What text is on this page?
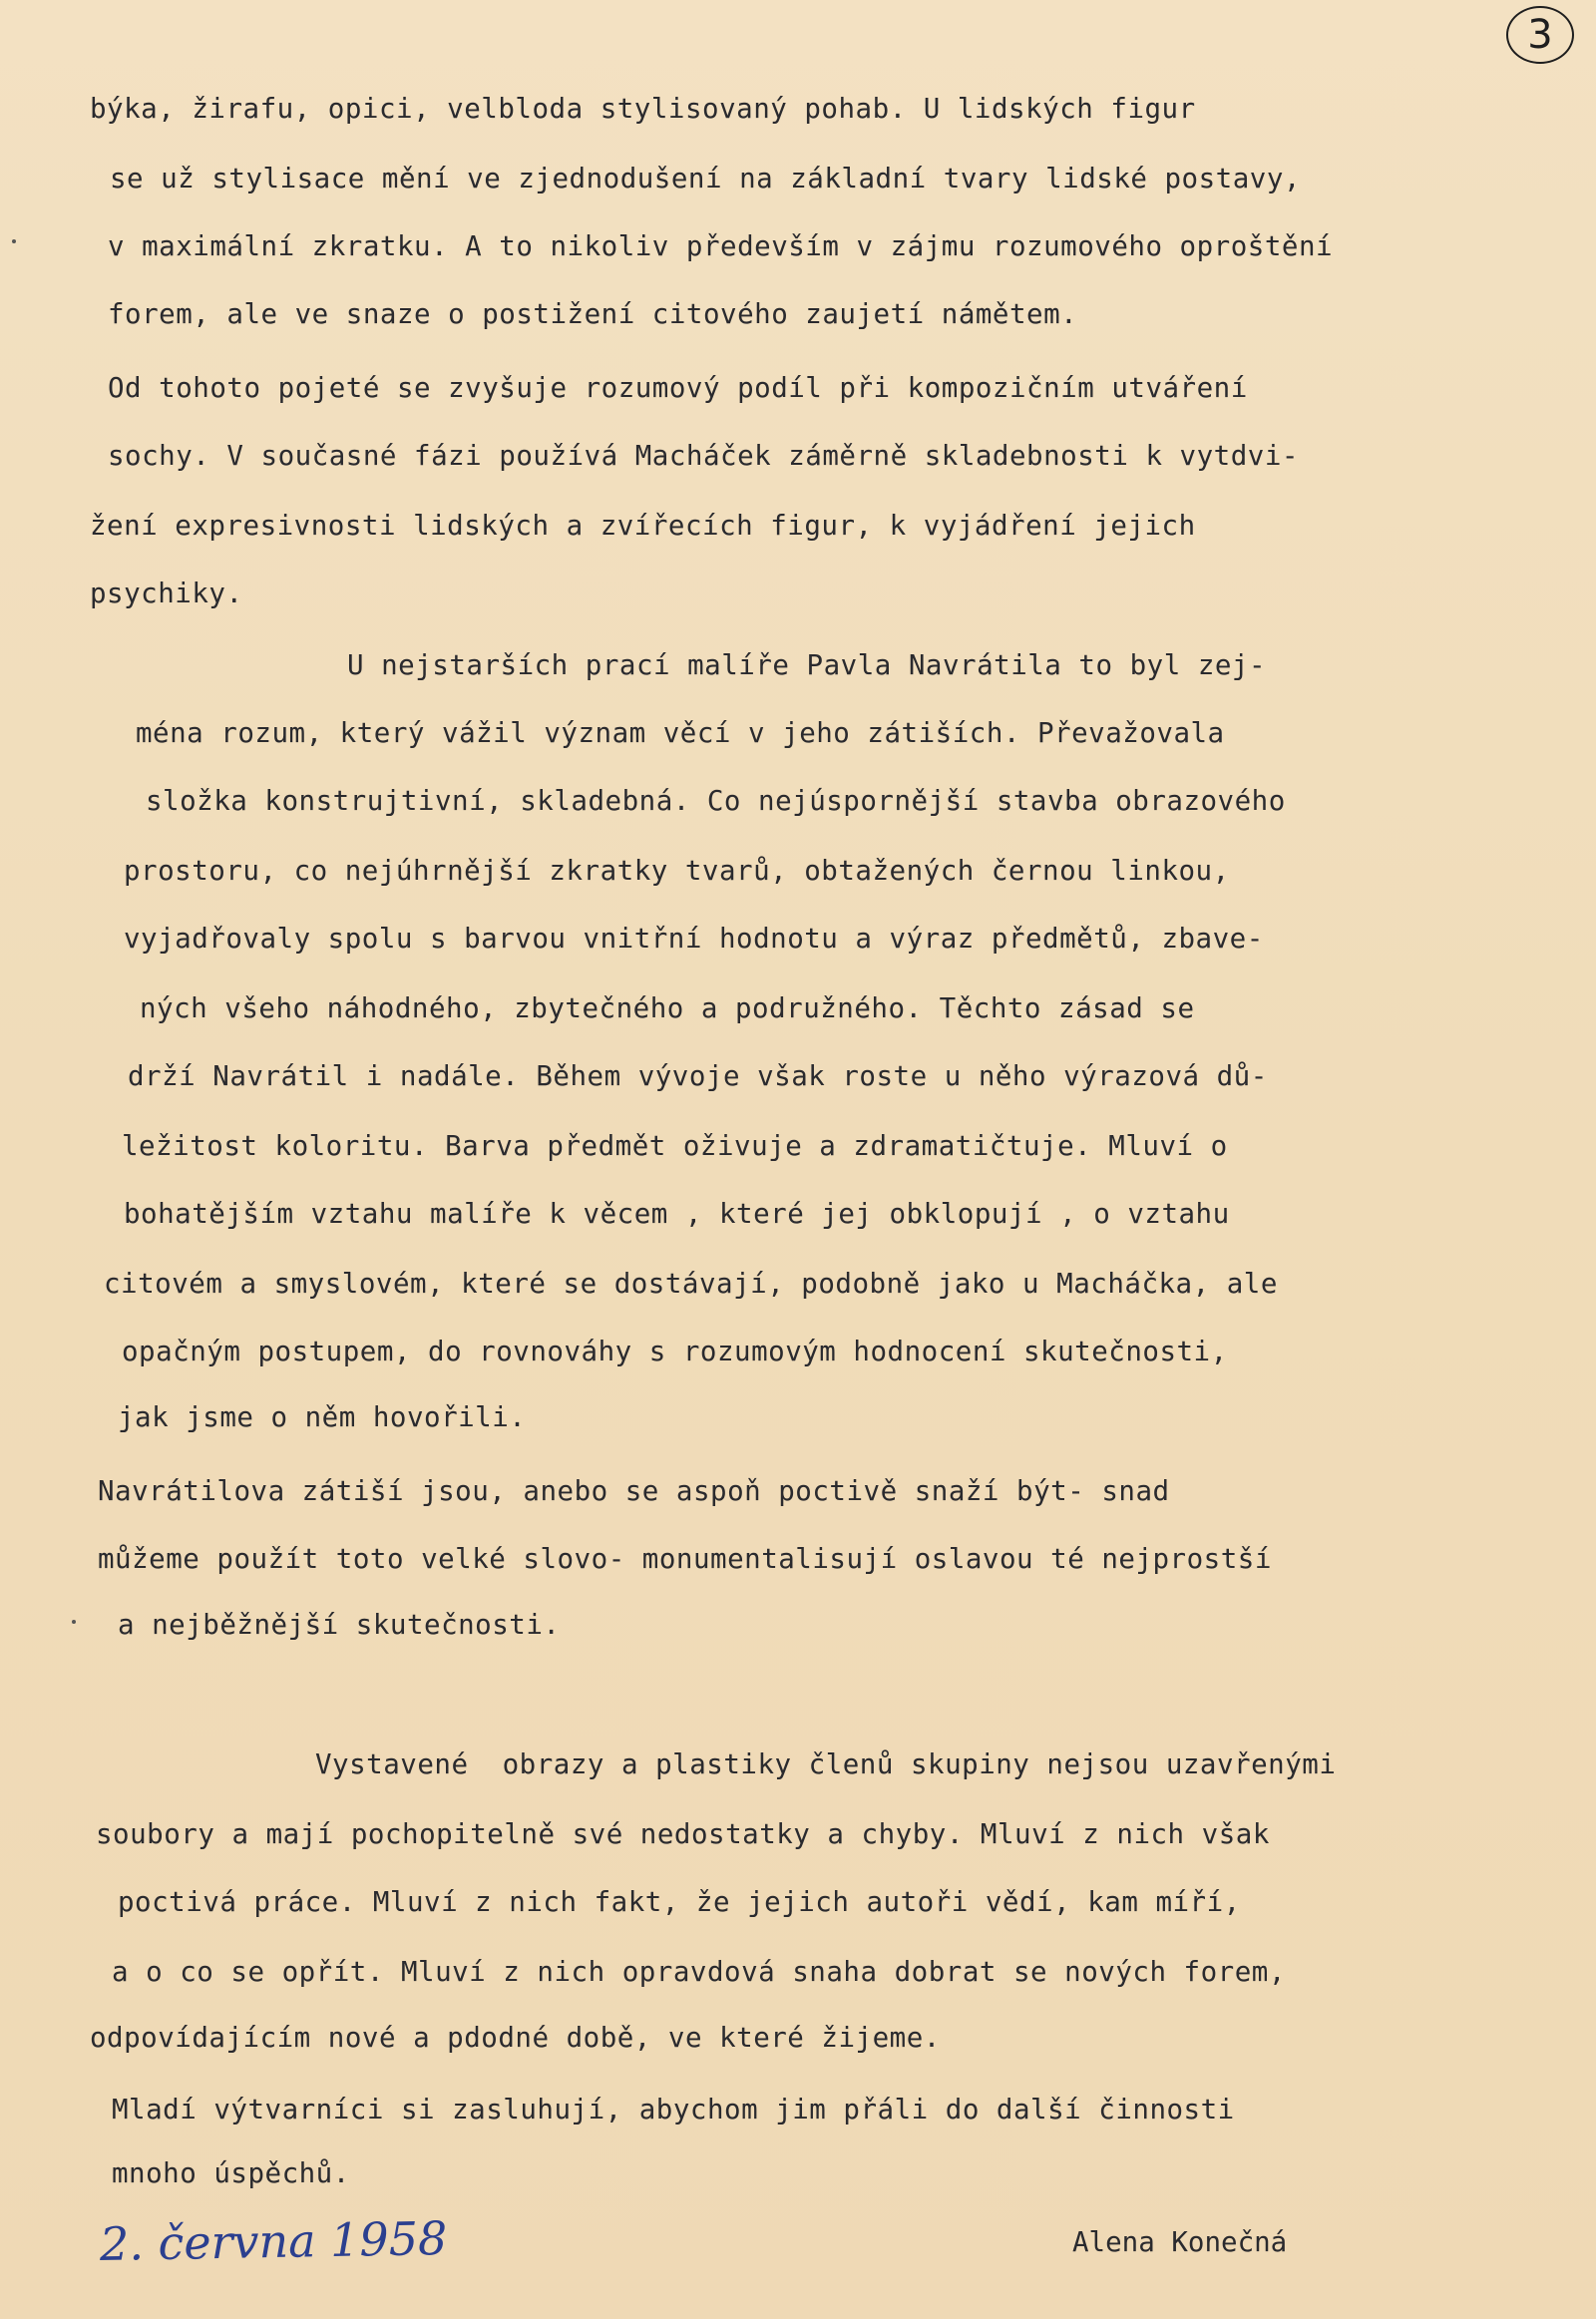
3
býka, žirafu, opici, velbloda stylisovaný pohab. U lidských figur
se už stylisace mění ve zjednodušení na základní tvary lidské postavy,
v maximální zkratku. A to nikoliv především v zájmu rozumového oproštění
forem, ale ve snaze o postižení citového zaujetí námětem.
Od tohoto pojeté se zvyšuje rozumový podíl při kompozičním utváření
sochy. V současné fázi používá Macháček záměrně skladebnosti k vytdvi-
žení expresivnosti lidských a zvířecích figur, k vyjádření jejich
psychiky.
U nejstarších prací malíře Pavla Navrátila to byl zej-
ména rozum, který vážil význam věcí v jeho zátiších. Převažovala
složka konstrujtivní, skladebná. Co nejúspornější stavba obrazového
prostoru, co nejúhrnější zkratky tvarů, obtažených černou linkou,
vyjadřovaly spolu s barvou vnitřní hodnotu a výraz předmětů, zbave-
ných všeho náhodného, zbytečného a podružného. Těchto zásad se
drží Navrátil i nadále. Během vývoje však roste u něho výrazová dů-
ležitost koloritu. Barva předmět oživuje a zdramatičtuje. Mluví o
bohatějším vztahu malíře k věcem , které jej obklopují , o vztahu
citovém a smyslovém, které se dostávají, podobně jako u Macháčka, ale
opačným postupem, do rovnováhy s rozumovým hodnocení skutečnosti,
jak jsme o něm hovořili.
Navrátilova zátiší jsou, anebo se aspoň poctivě snaží být- snad
můžeme použít toto velké slovo- monumentalisují oslavou té nejprostší
a nejběžnější skutečnosti.
Vystavené  obrazy a plastiky členů skupiny nejsou uzavřenými
soubory a mají pochopitelně své nedostatky a chyby. Mluví z nich však
poctivá práce. Mluví z nich fakt, že jejich autoři vědí, kam míří,
a o co se opřít. Mluví z nich opravdová snaha dobrat se nových forem,
odpovídajícím nové a pdodné době, ve které žijeme.
Mladí výtvarníci si zasluhují, abychom jim přáli do další činnosti
mnoho úspěchů.
2. června 1958	Alena Konečná
